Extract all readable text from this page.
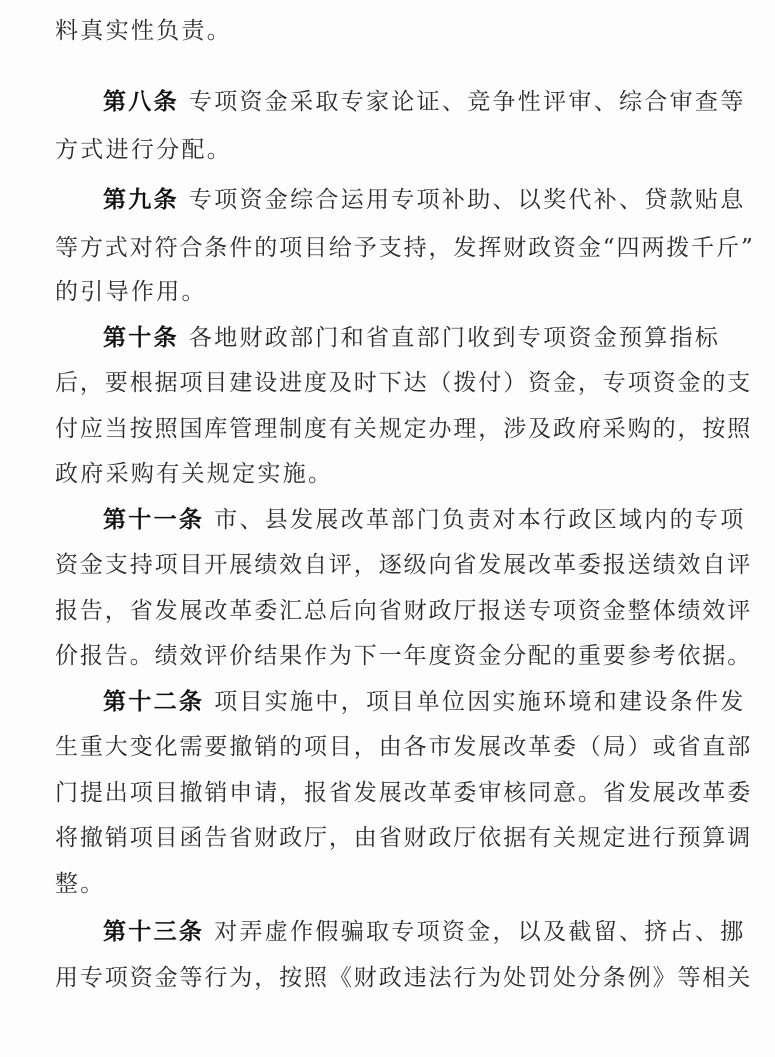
料真实性负责。
第八条 专项资金采取专家论证、竞争性评审、综合审查等
方式进行分配。
第九条 专项资金综合运用专项补助、以奖代补、贷款贴息
等方式对符合条件的项目给予支持，发挥财政资金“四两拨千斤”
的引导作用。
第十条 各地财政部门和省直部门收到专项资金预算指标
后，要根据项目建设进度及时下达（拨付）资金，专项资金的支
付应当按照国库管理制度有关规定办理，涉及政府采购的，按照
政府采购有关规定实施。
第十一条 市、县发展改革部门负责对本行政区域内的专项
资金支持项目开展绩效自评，逐级向省发展改革委报送绩效自评
报告，省发展改革委汇总后向省财政厅报送专项资金整体绩效评
价报告。绩效评价结果作为下一年度资金分配的重要参考依据。
第十二条 项目实施中，项目单位因实施环境和建设条件发
生重大变化需要撤销的项目，由各市发展改革委（局）或省直部
门提出项目撤销申请，报省发展改革委审核同意。省发展改革委
将撤销项目函告省财政厅，由省财政厅依据有关规定进行预算调
整。
第十三条 对弄虚作假骗取专项资金，以及截留、挤占、挪
用专项资金等行为，按照《财政违法行为处罚处分条例》等相关
